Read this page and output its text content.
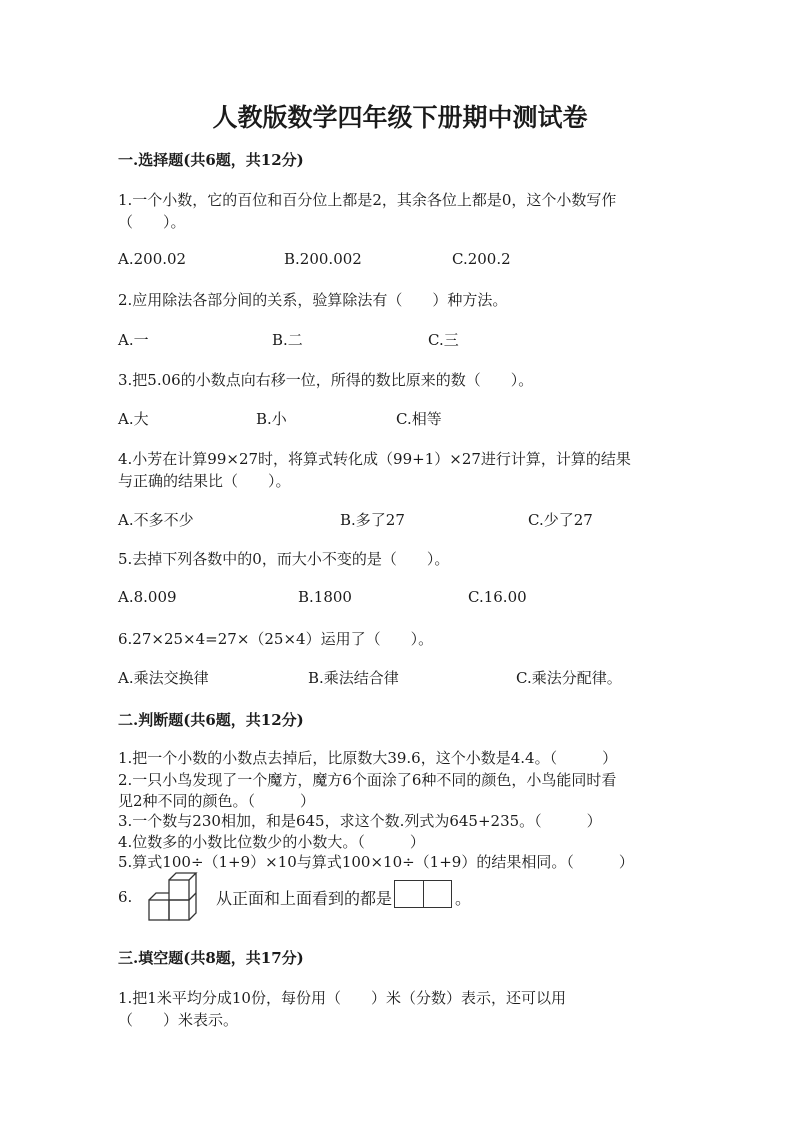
人教版数学四年级下册期中测试卷
一.选择题(共6题，共12分)
1.一个小数，它的百位和百分位上都是2，其余各位上都是0，这个小数写作
（　　）。
A.200.02	B.200.002	C.200.2
2.应用除法各部分间的关系，验算除法有（　　）种方法。
A.一	B.二	C.三
3.把5.06的小数点向右移一位，所得的数比原来的数（　　）。
A.大	B.小	C.相等
4.小芳在计算99×27时，将算式转化成（99+1）×27进行计算，计算的结果
与正确的结果比（　　）。
A.不多不少	B.多了27	C.少了27
5.去掉下列各数中的0，而大小不变的是（　　）。
A.8.009	B.1800	C.16.00
6.27×25×4=27×（25×4）运用了（　　）。
A.乘法交换律	B.乘法结合律	C.乘法分配律。
二.判断题(共6题，共12分)
1.把一个小数的小数点去掉后，比原数大39.6，这个小数是4.4。（　　　）
2.一只小鸟发现了一个魔方，魔方6个面涂了6种不同的颜色，小鸟能同时看
见2种不同的颜色。（　　　）
3.一个数与230相加，和是645，求这个数.列式为645+235。（　　　）
4.位数多的小数比位数少的小数大。（　　　）
5.算式100÷（1+9）×10与算式100×10÷（1+9）的结果相同。（　　　）
6.	从正面和上面看到的都是	。
三.填空题(共8题，共17分)
1.把1米平均分成10份，每份用（　　）米（分数）表示，还可以用
（　　）米表示。
